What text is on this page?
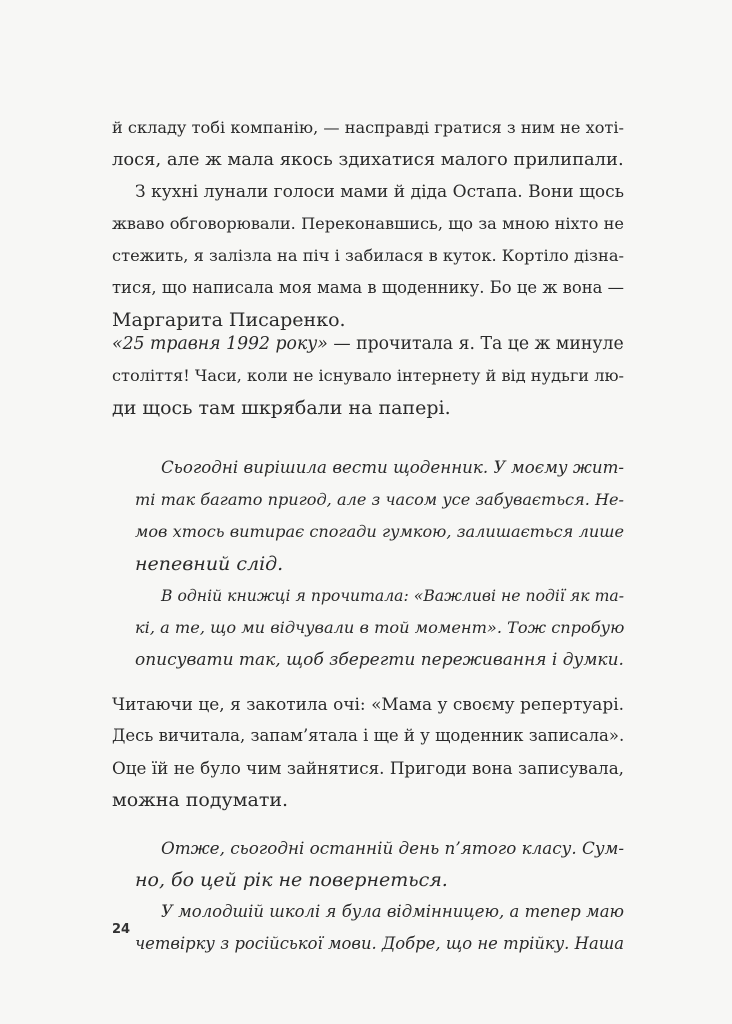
й складу тобі компанію, — насправді гратися з ним не хоті-
лося, але ж мала якось здихатися малого прилипали.
З кухні лунали голоси мами й діда Остапа. Вони щось
жваво обговорювали. Переконавшись, що за мною ніхто не
стежить, я залізла на піч і забилася в куток. Кортіло дізна-
тися, що написала моя мама в щоденнику. Бо це ж вона —
Маргарита Писаренко.
«25 травня 1992 року» — прочитала я. Та це ж минуле
століття! Часи, коли не існувало інтернету й від нудьги лю-
ди щось там шкрябали на папері.
Сьогодні вирішила вести щоденник. У моєму жит-
ті так багато пригод, але з часом усе забувається. Не-
мов хтось витирає спогади гумкою, залишається лише
непевний слід.
В одній книжці я прочитала: «Важливі не події як та-
кі, а те, що ми відчували в той момент». Тож спробую
описувати так, щоб зберегти переживання і думки.
Читаючи це, я закотила очі: «Мама у своєму репертуарі.
Десь вичитала, запам’ятала і ще й у щоденник записала».
Оце їй не було чим зайнятися. Пригоди вона записувала,
можна подумати.
Отже, сьогодні останній день п’ятого класу. Сум-
но, бо цей рік не повернеться.
У молодшій школі я була відмінницею, а тепер маю
четвірку з російської мови. Добре, що не трійку. Наша
24
